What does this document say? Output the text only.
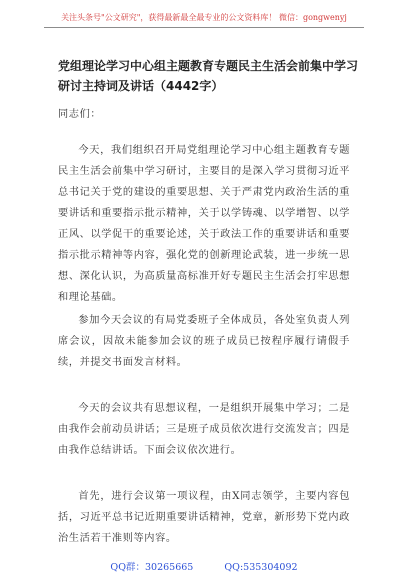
关注头条号"公文研究"，获得最新最全最专业的公文资料库！ 微信：gongwenyj
党组理论学习中心组主题教育专题民主生活会前集中学习研讨主持词及讲话（4442字）
同志们：
今天，我们组织召开局党组理论学习中心组主题教育专题民主生活会前集中学习研讨，主要目的是深入学习贯彻习近平总书记关于党的建设的重要思想、关于严肃党内政治生活的重要讲话和重要指示批示精神，关于以学铸魂、以学增智、以学正风、以学促干的重要论述，关于政法工作的重要讲话和重要指示批示精神等内容，强化党的创新理论武装，进一步统一思想、深化认识，为高质量高标准开好专题民主生活会打牢思想和理论基础。
参加今天会议的有局党委班子全体成员，各处室负责人列席会议，因故未能参加会议的班子成员已按程序履行请假手续，并提交书面发言材料。
今天的会议共有思想议程，一是组织开展集中学习；二是由我作会前动员讲话；三是班子成员依次进行交流发言；四是由我作总结讲话。下面会议依次进行。
首先，进行会议第一项议程，由X同志领学，主要内容包括，习近平总书记近期重要讲话精神，党章，新形势下党内政治生活若干准则等内容。
QQ群：30265665	QQ:535304092
